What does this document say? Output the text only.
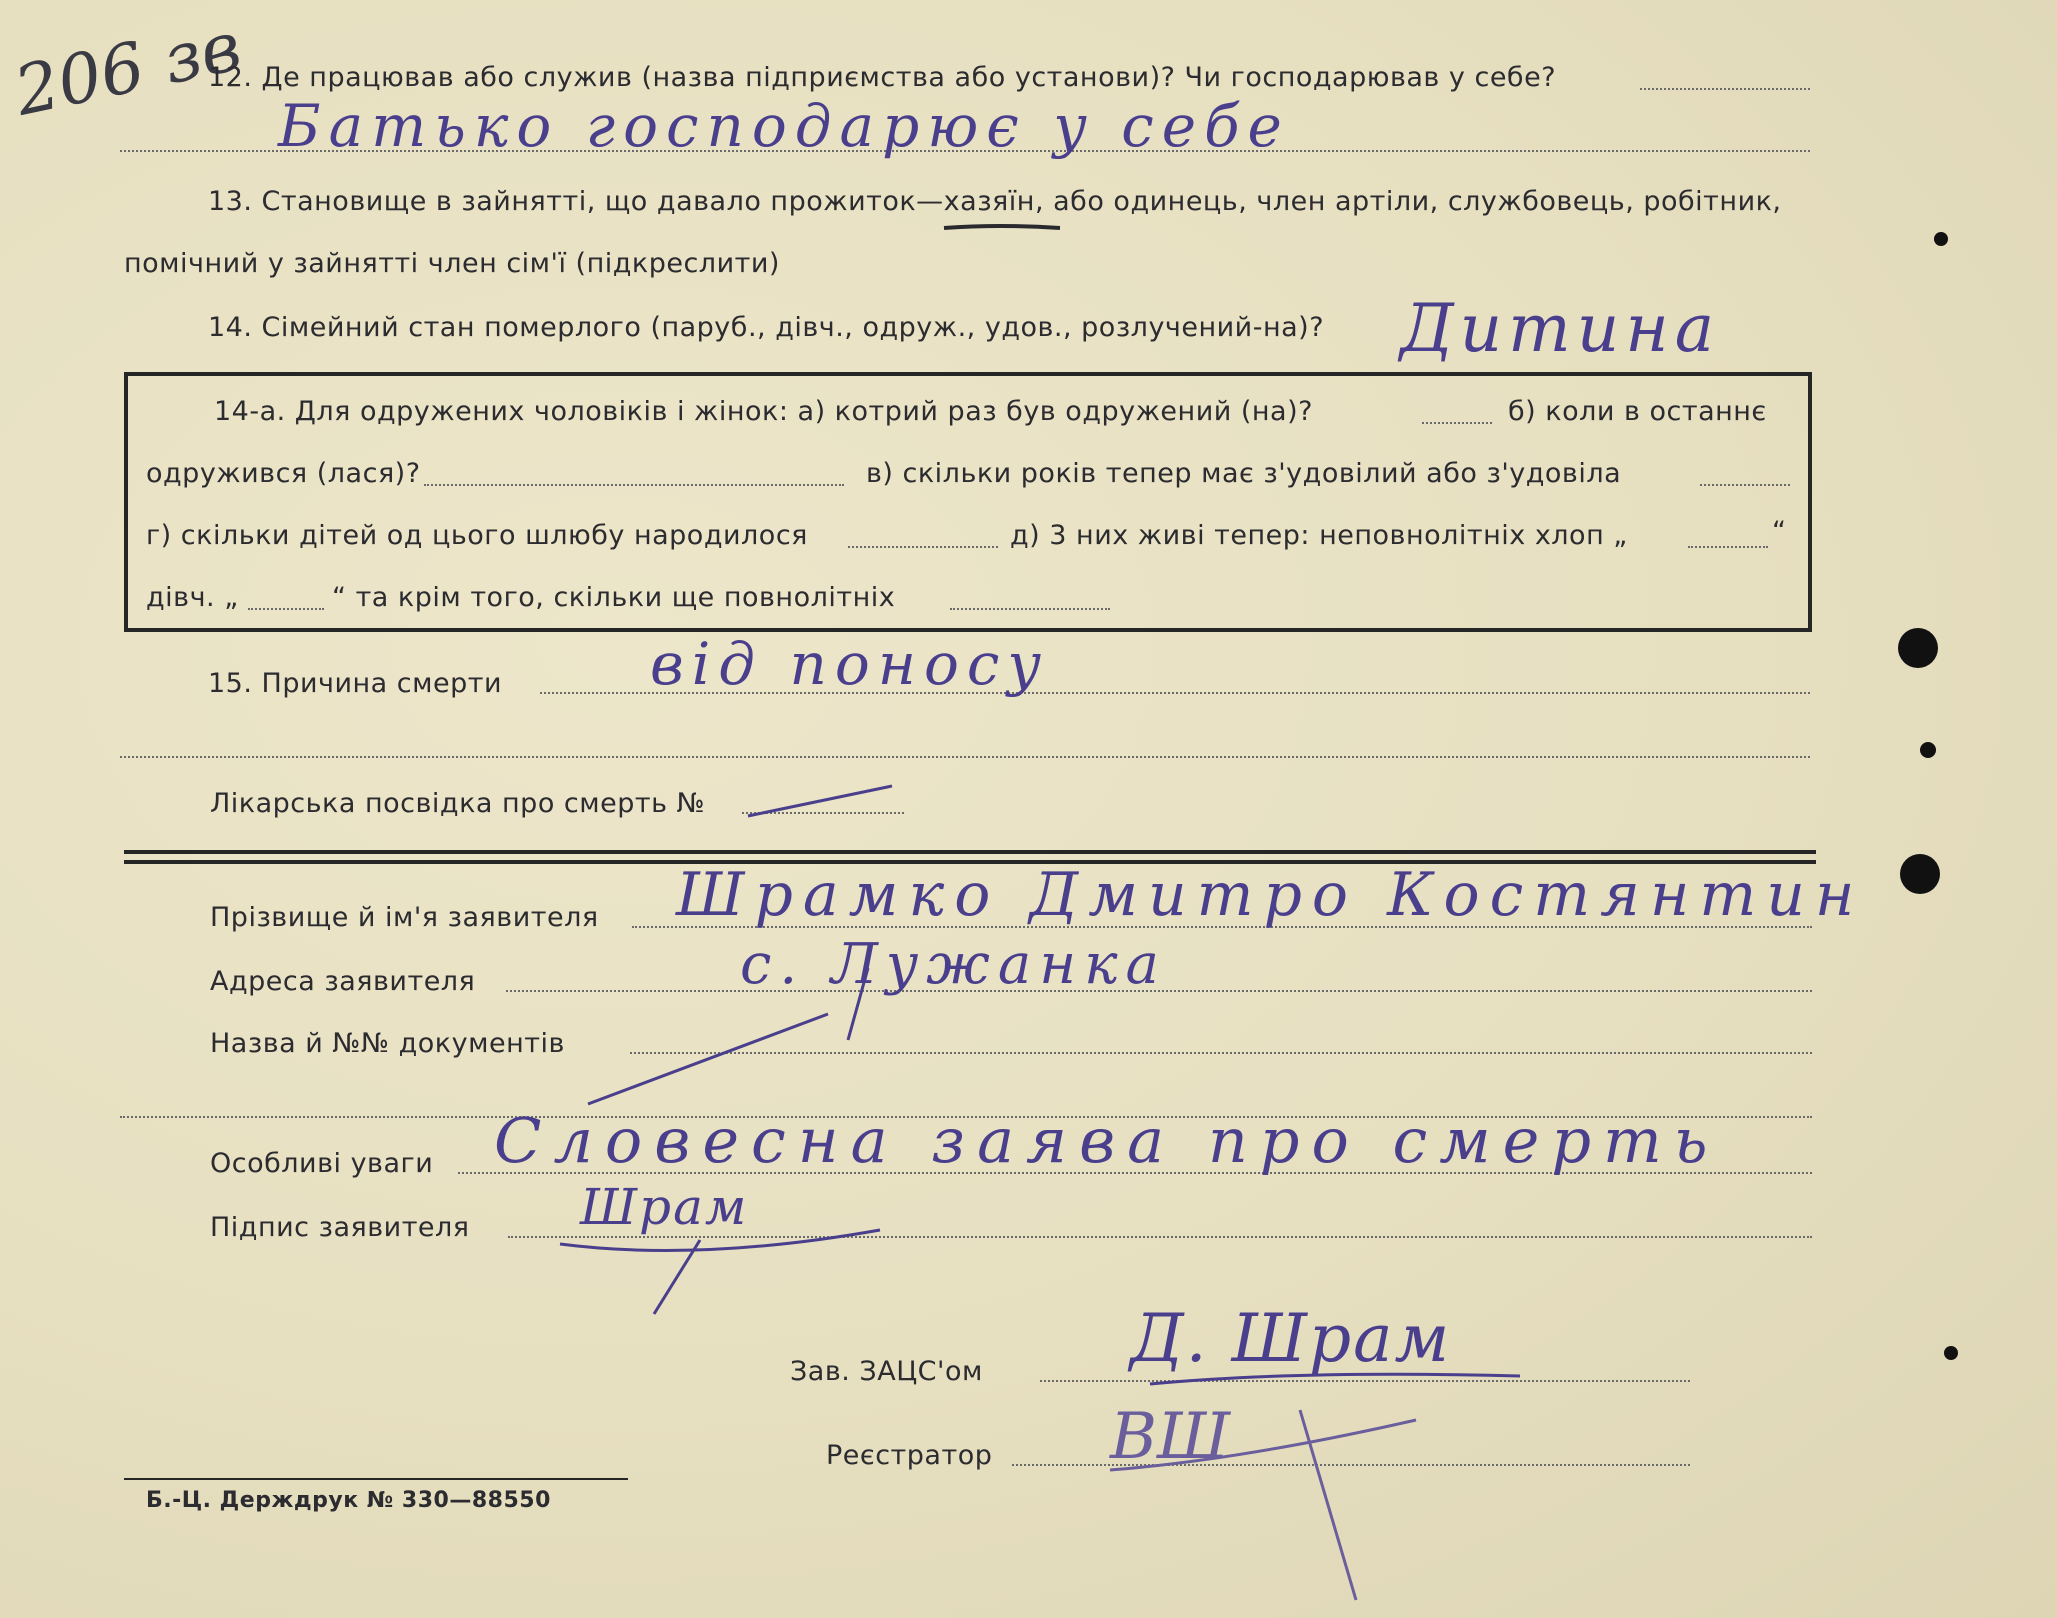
206 зв
12. Де працював або служив (назва підприємства або установи)? Чи господарював у себе?
Батько господарює у себе
13. Становище в зайнятті, що давало прожиток—хазяїн, або одинець, член артіли, службовець, робітник,
помічний у зайнятті член сім'ї (підкреслити)
14. Сімейний стан померлого (паруб., дівч., одруж., удов., розлучений-на)? Дитина
14-а. Для одружених чоловіків і жінок: а) котрий раз був одружений (на)?	б) коли в останнє
одружився (лася)?	в) скільки років тепер має з'удовілий або з'удовіла
г) скільки дітей од цього шлюбу народилося	д) 3 них живі тепер: неповнолітніх хлоп „	“
дівч. „	“ та крім того, скільки ще повнолітніх
15. Причина смерти	від поносу
Лікарська посвідка про смерть №
Прізвище й ім'я заявителя Шрамко Дмитро Костянтин
Адреса заявителя	с. Лужанка
Назва й №№ документів
Особливі уваги Словесна заява про смерть
Підпис заявителя Шрам
Зав. ЗАЦС'ом Д. Шрам
Реєстратор ВШ
Б.-Ц. Держдрук № 330—88550
